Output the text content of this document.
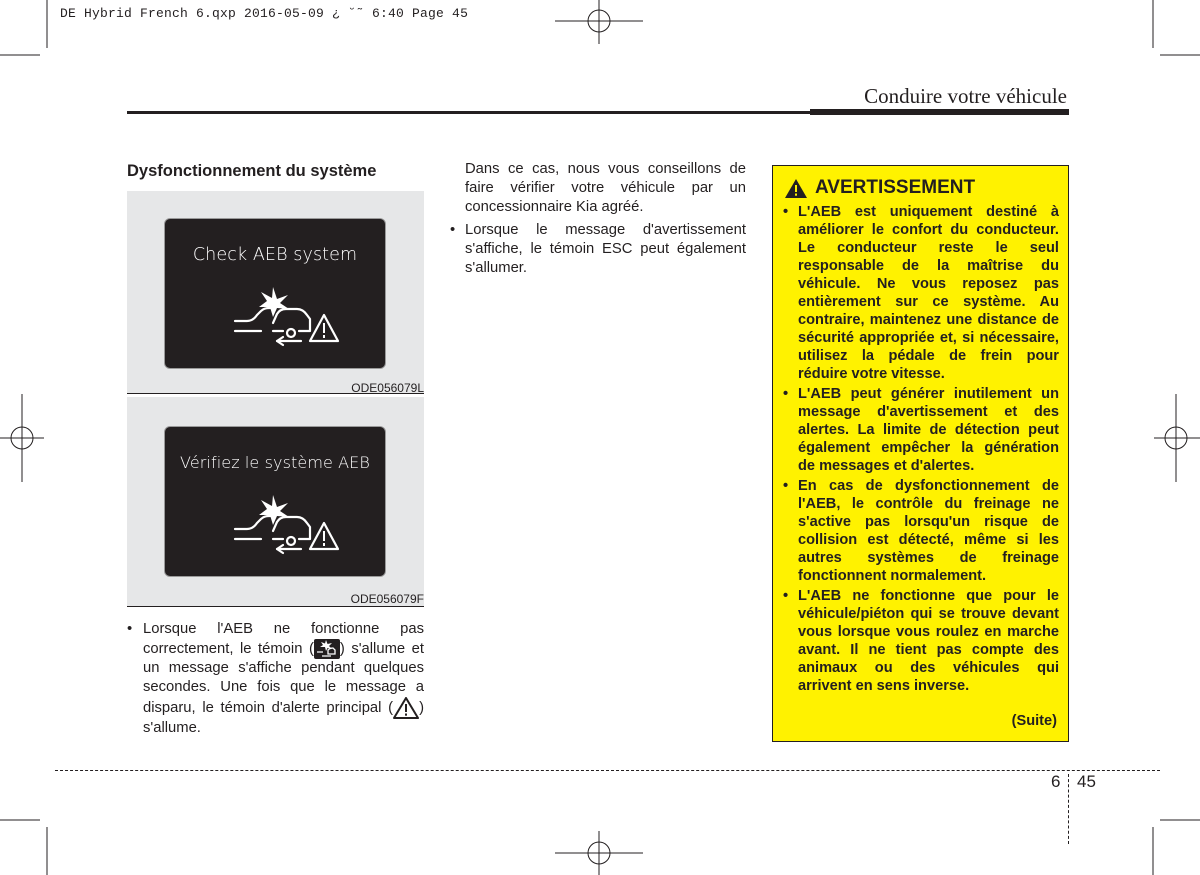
DE Hybrid French 6.qxp 2016-05-09 ¿ ˘˜ 6:40 Page 45
Conduire votre véhicule
Dysfonctionnement du système
Check AEB system
ODE056079L
Vérifiez le système AEB
ODE056079F
• Lorsque l'AEB ne fonctionne pas correctement, le témoin ( ) s'allume et un message s'affiche pendant quelques secondes. Une fois que le message a disparu, le témoin d'alerte principal ( ) s'allume.

Dans ce cas, nous vous conseillons de faire vérifier votre véhicule par un concessionnaire Kia agréé.

• Lorsque le message d'avertissement s'affiche, le témoin ESC peut également s'allumer.

AVERTISSEMENT
• L'AEB est uniquement destiné à améliorer le confort du conducteur. Le conducteur reste le seul responsable de la maîtrise du véhicule. Ne vous reposez pas entièrement sur ce système. Au contraire, maintenez une distance de sécurité appropriée et, si nécessaire, utilisez la pédale de frein pour réduire votre vitesse.
• L'AEB peut générer inutilement un message d'avertissement et des alertes. La limite de détection peut également empêcher la génération de messages et d'alertes.
• En cas de dysfonctionnement de l'AEB, le contrôle du freinage ne s'active pas lorsqu'un risque de collision est détecté, même si les autres systèmes de freinage fonctionnent normalement.
• L'AEB ne fonctionne que pour le véhicule/piéton qui se trouve devant vous lorsque vous roulez en marche avant. Il ne tient pas compte des animaux ou des véhicules qui arrivent en sens inverse.
(Suite)
6 45
